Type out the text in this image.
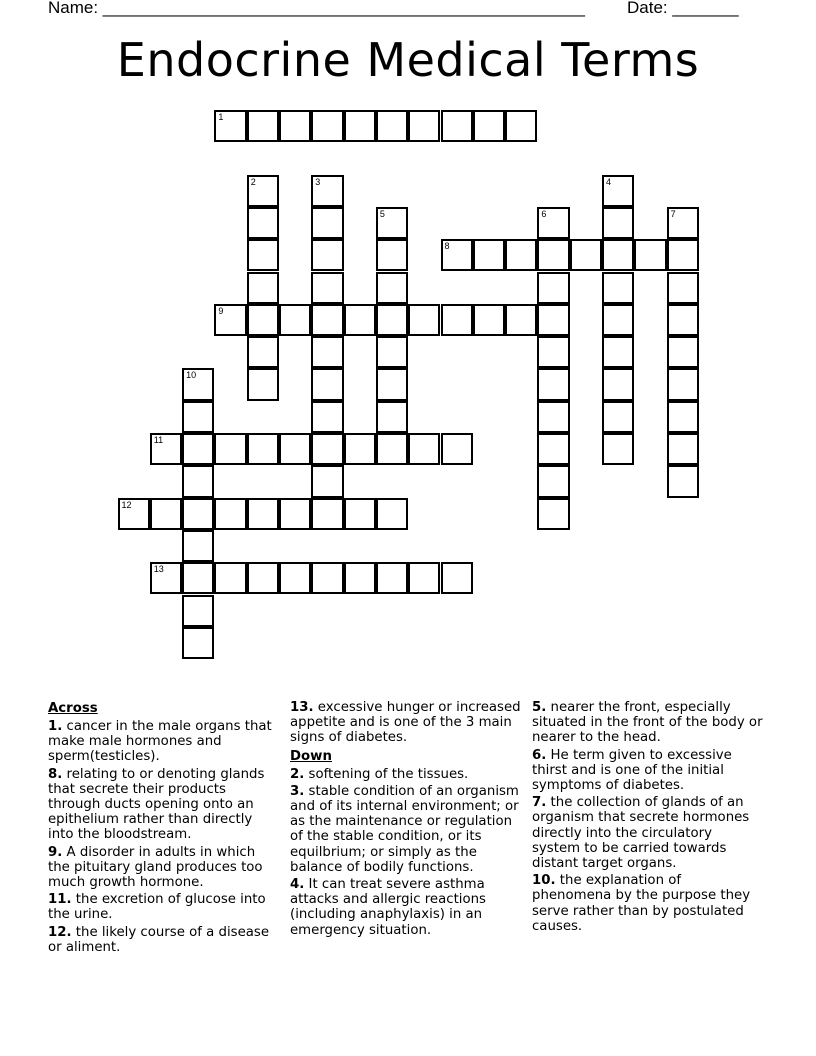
Name: ___________________________________________________ Date: _______
Endocrine Medical Terms
1
2	3	4
5	6	7
8
9
10
11
12
13
Across
1. cancer in the male organs that make male hormones and sperm(testicles).
8. relating to or denoting glands that secrete their products through ducts opening onto an epithelium rather than directly into the bloodstream.
9. A disorder in adults in which the pituitary gland produces too much growth hormone.
11. the excretion of glucose into the urine.
12. the likely course of a disease or aliment.
13. excessive hunger or increased appetite and is one of the 3 main signs of diabetes.
Down
2. softening of the tissues.
3. stable condition of an organism and of its internal environment; or as the maintenance or regulation of the stable condition, or its equilbrium; or simply as the balance of bodily functions.
4. It can treat severe asthma attacks and allergic reactions (including anaphylaxis) in an emergency situation.
5. nearer the front, especially situated in the front of the body or nearer to the head.
6. He term given to excessive thirst and is one of the initial symptoms of diabetes.
7. the collection of glands of an organism that secrete hormones directly into the circulatory system to be carried towards distant target organs.
10. the explanation of phenomena by the purpose they serve rather than by postulated causes.
